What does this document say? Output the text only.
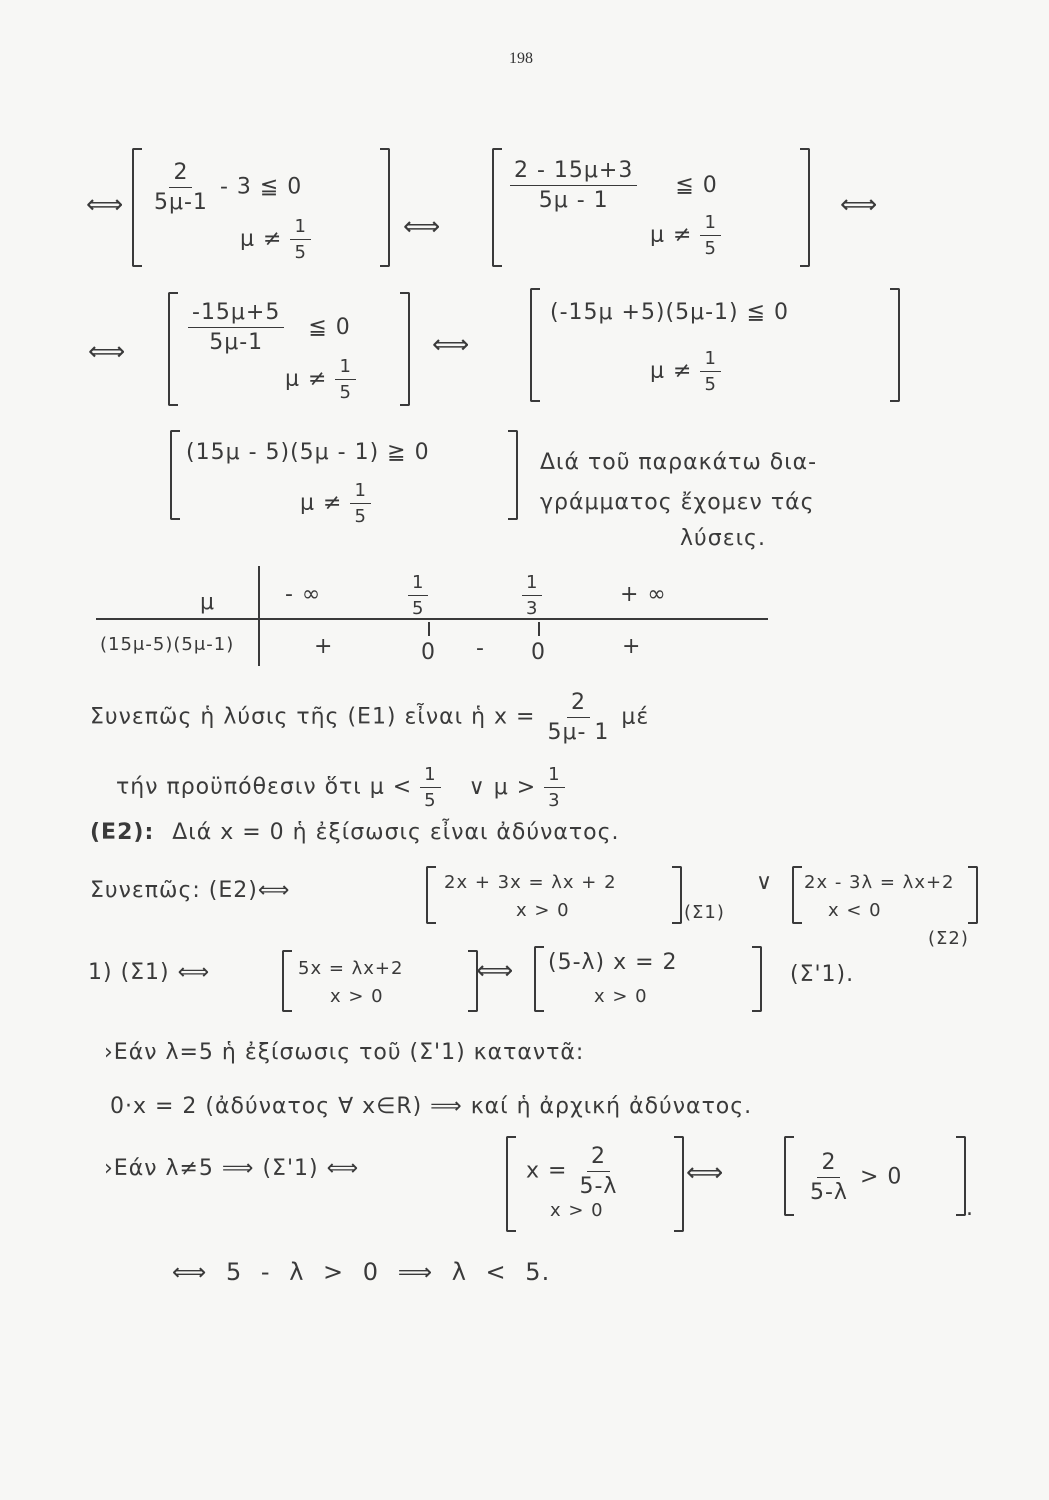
198
⟺ $\frac{2}{5\mu-1} - 3$ ≦ 0
$\mu \ne \frac{1}{5}$	⟺
$\frac{2 - 15\mu+3}{5\mu - 1}$ ≦ 0
$\mu \ne \frac{1}{5}$
⟺
⟺	$\frac{-15\mu+5}{5\mu-1}$ ≦ 0
$\mu \ne \frac{1}{5}$
⟺
(-15μ +5)(5μ-1) ≦ 0
$\mu \ne \frac{1}{5}$
(15μ - 5)(5μ - 1) ≧ 0
$\mu \ne \frac{1}{5}$
Διά τοῦ παρακάτω δια-
γράμματος ἔχομεν τάς
λύσεις.
μ	- ∞	$\frac{1}{5}$	$\frac{1}{3}$	+ ∞
(15μ-5)(5μ-1)	+	0 - 0	+
Συνεπῶς ἡ λύσις τῆς (Ε1) εἶναι ἡ $x = \frac{2}{5\mu- 1}$ μέ
τήν προϋπόθεσιν ὅτι $\mu < \frac{1}{5}$ ∨ $\mu > \frac{1}{3}$
(Ε2): Διά x = 0 ἡ ἐξίσωσις εἶναι ἀδύνατος.
Συνεπῶς: (Ε2)⟺	2x + 3x = λx + 2
x > 0	(Σ1)
∨ 2x - 3λ = λx+2
x < 0
(Σ2)
1) (Σ1) ⟺	5x = λx+2
x > 0
⟺ (5-λ) x = 2
x > 0
(Σ'1).
›Εάν λ=5 ἡ ἐξίσωσις τοῦ (Σ'1) καταντᾶ:
0·x = 2 (ἀδύνατος ∀ x∈R) ⟹ καί ἡ ἀρχική ἀδύνατος.
›Εάν λ≠5 ⟹ (Σ'1) ⟺	$x = \frac{2}{5-\lambda}$
x > 0
⟺	$\frac{2}{5-\lambda} > 0$
.
⟺ 5 - λ > 0 ⟹ λ < 5.
